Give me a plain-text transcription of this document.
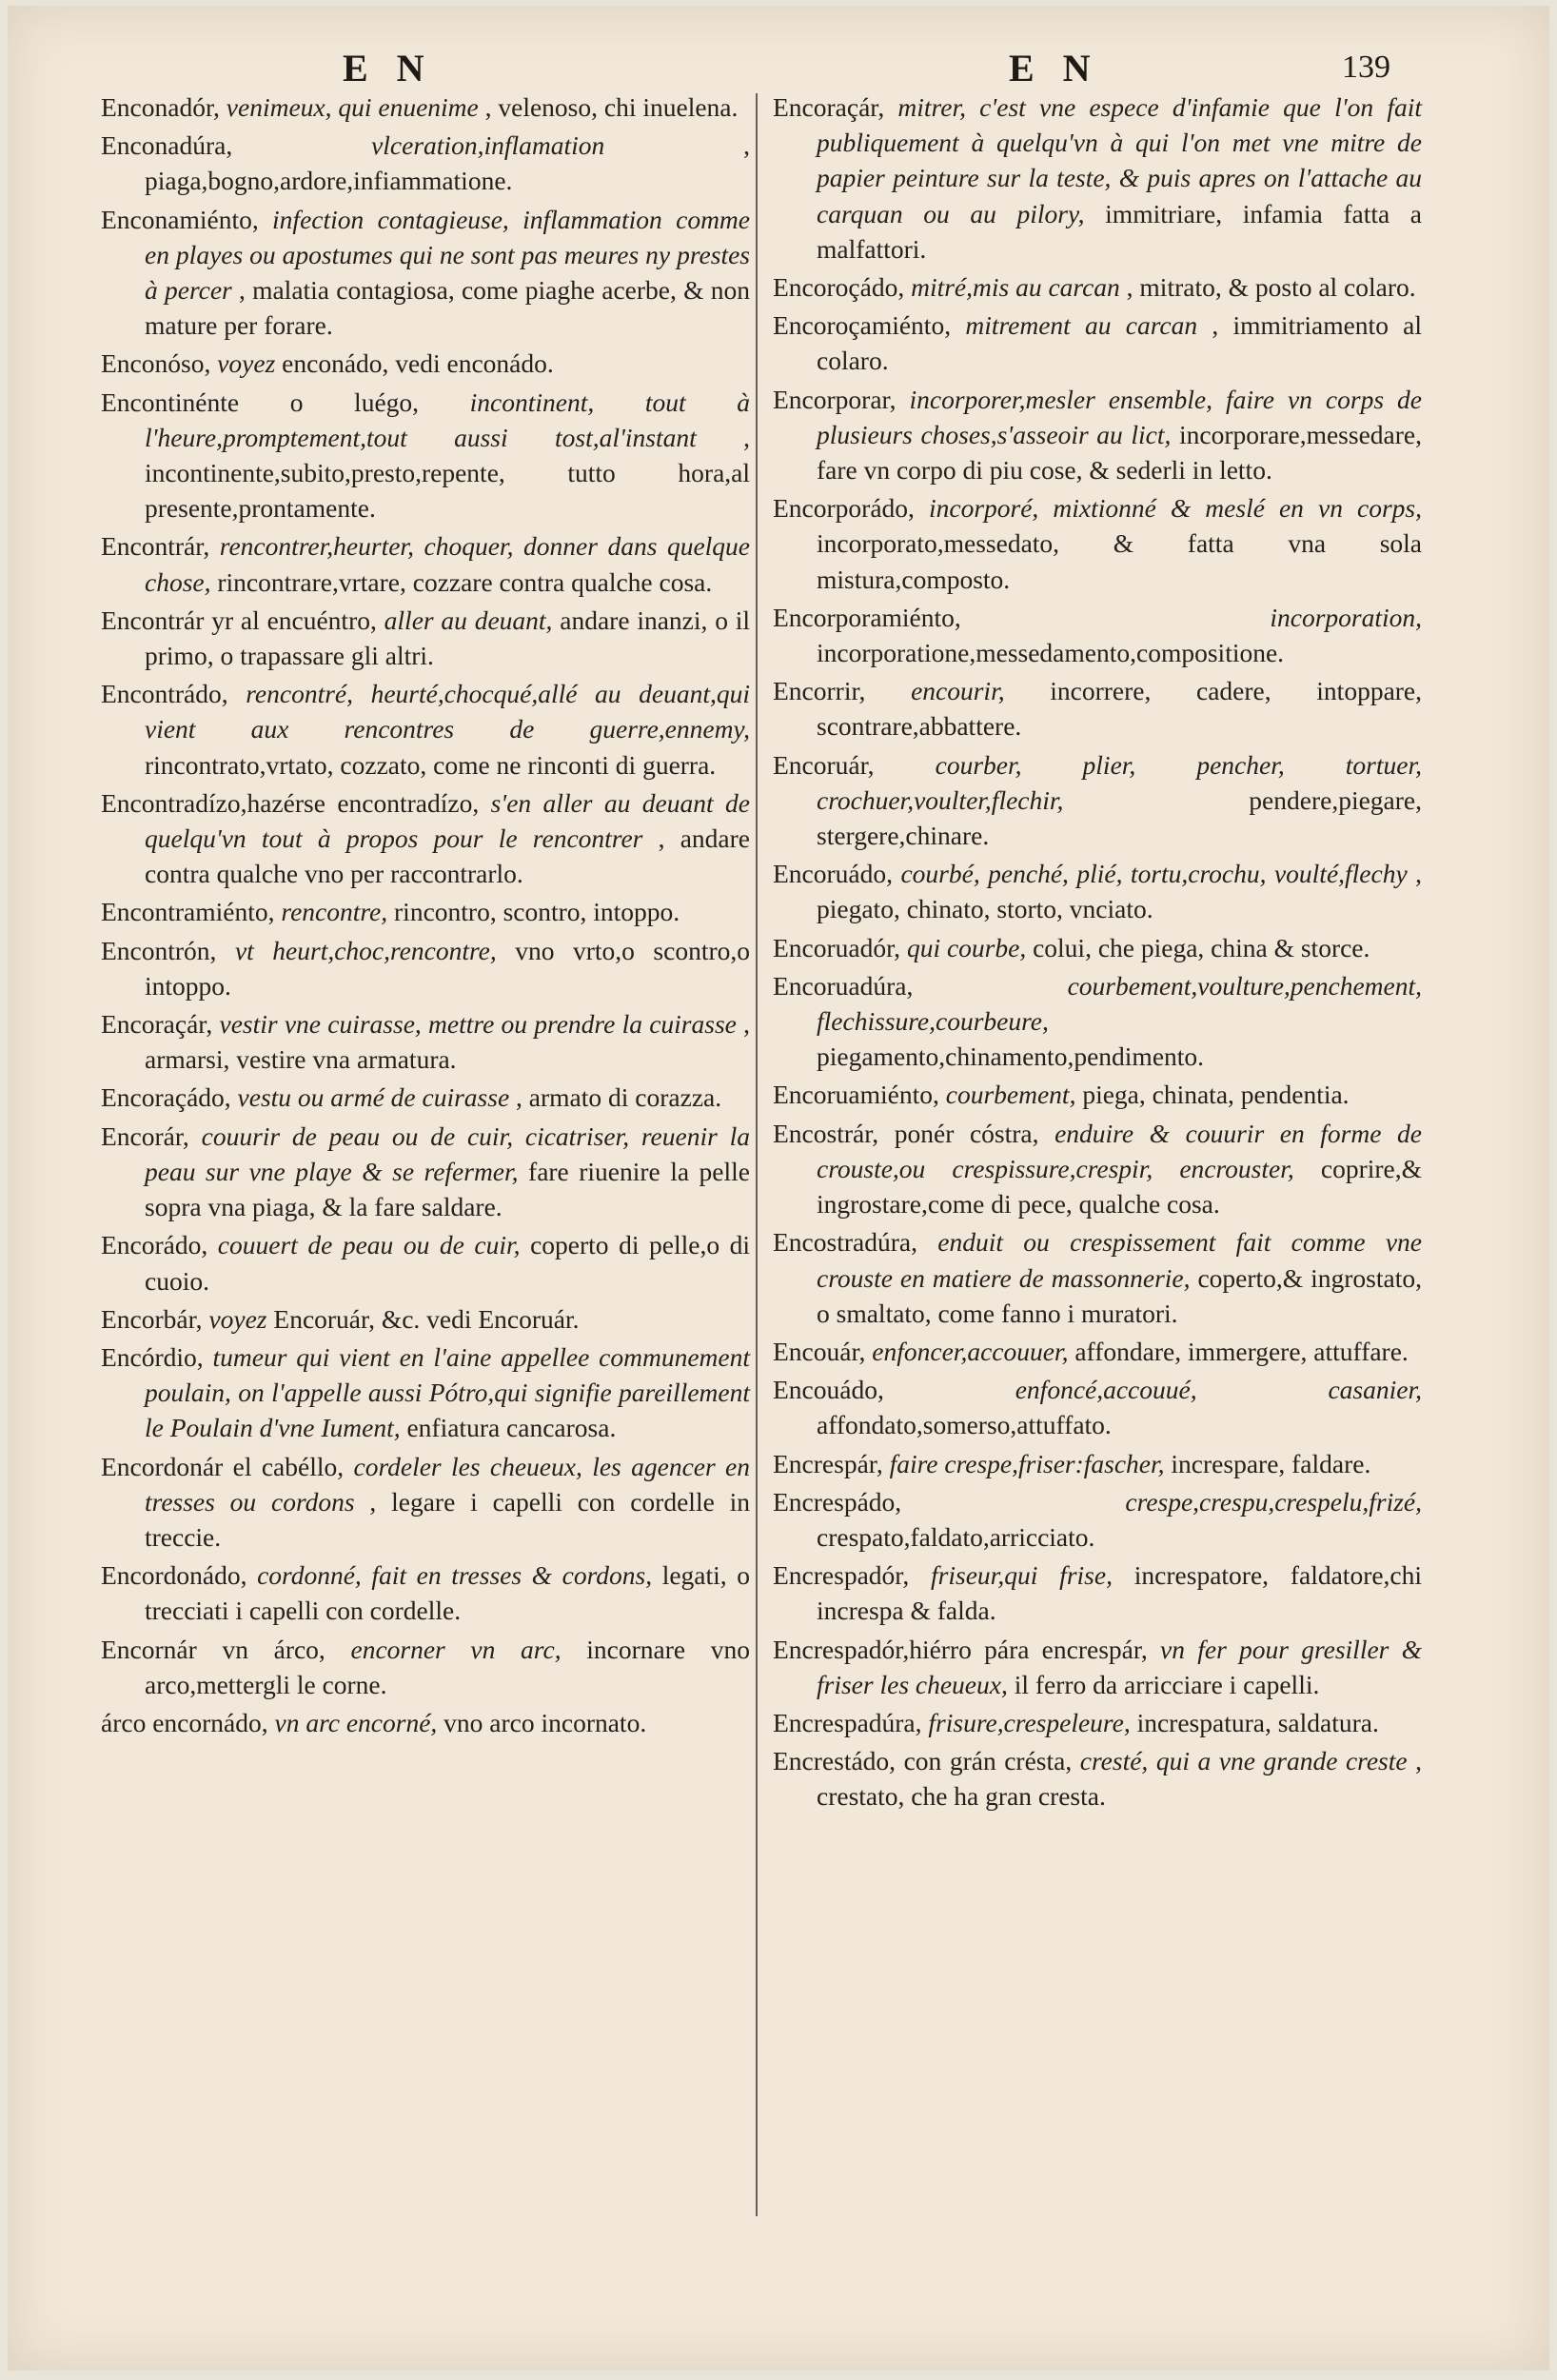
E N	E N	139

Enconadór, venimeux, qui enuenime , velenoso, chi inuelena.

Enconadúra,	vlceration,inflamation	, piaga,bogno,ardore,infiammatione.

Enconamiénto, infection contagieuse, inflammation comme en playes ou apostumes qui ne sont pas meures ny prestes à percer , malatia contagiosa, come piaghe acerbe, & non mature per forare.

Enconóso, voyez enconádo, vedi enconádo.

Encontinénte o luégo, incontinent, tout à l'heure,promptement,tout aussi tost,al'instant , incontinente,subito,presto,repente, tutto hora,al presente,prontamente.

Encontrár, rencontrer,heurter, choquer, donner dans quelque chose, rincontrare,vrtare, cozzare contra qualche cosa.

Encontrár yr al encuéntro, aller au deuant, andare inanzi, o il primo, o trapassare gli altri.

Encontrádo, rencontré, heurté,chocqué,allé au deuant,qui vient aux rencontres de guerre,ennemy, rincontrato,vrtato, cozzato, come ne rinconti di guerra.

Encontradízo,hazérse encontradízo, s'en aller au deuant de quelqu'vn tout à propos pour le rencontrer , andare contra qualche vno per raccontrarlo.

Encontramiénto, rencontre, rincontro, scontro, intoppo.

Encontrón, vt heurt,choc,rencontre, vno vrto,o scontro,o intoppo.

Encoraçár, vestir vne cuirasse, mettre ou prendre la cuirasse , armarsi, vestire vna armatura.

Encoraçádo, vestu ou armé de cuirasse , armato di corazza.

Encorár, couurir de peau ou de cuir, cicatriser, reuenir la peau sur vne playe & se refermer, fare riuenire la pelle sopra vna piaga, & la fare saldare.

Encorádo, couuert de peau ou de cuir, coperto di pelle,o di cuoio.

Encorbár, voyez Encoruár, &c. vedi Encoruár.

Encórdio, tumeur qui vient en l'aine appellee communement poulain, on l'appelle aussi Pótro,qui signifie pareillement le Poulain d'vne Iument, enfiatura cancarosa.

Encordonár el cabéllo, cordeler les cheueux, les agencer en tresses ou cordons , legare i capelli con cordelle in treccie.

Encordonádo, cordonné, fait en tresses & cordons, legati, o trecciati i capelli con cordelle.

Encornár vn árco, encorner vn arc, incornare vno arco,mettergli le corne.

árco encornádo, vn arc encorné, vno arco incornato.

Encoraçár, mitrer, c'est vne espece d'infamie que l'on fait publiquement à quelqu'vn à qui l'on met vne mitre de papier peinture sur la teste, & puis apres on l'attache au carquan ou au pilory, immitriare, infamia fatta a malfattori.

Encoroçádo, mitré,mis au carcan , mitrato, & posto al colaro.

Encoroçamiénto, mitrement au carcan , immitriamento al colaro.

Encorporar, incorporer,mesler ensemble, faire vn corps de plusieurs choses,s'asseoir au lict, incorporare,messedare, fare vn corpo di piu cose, & sederli in letto.

Encorporádo, incorporé, mixtionné & meslé en vn corps, incorporato,messedato, & fatta vna sola mistura,composto.

Encorporamiénto,	incorporation, incorporatione,messedamento,compositione.

Encorrir, encourir, incorrere, cadere, intoppare, scontrare,abbattere.

Encoruár, courber, plier, pencher, tortuer, crochuer,voulter,flechir,	pendere,piegare, stergere,chinare.

Encoruádo, courbé, penché, plié, tortu,crochu, voulté,flechy , piegato, chinato, storto, vnciato.

Encoruadór, qui courbe, colui, che piega, china & storce.

Encoruadúra,	courbement,voulture,penchement, flechissure,courbeure, piegamento,chinamento,pendimento.

Encoruamiénto, courbement, piega, chinata, pendentia.

Encostrár, ponér cóstra, enduire & couurir en forme de crouste,ou crespissure,crespir, encrouster, coprire,& ingrostare,come di pece, qualche cosa.

Encostradúra, enduit ou crespissement fait comme vne crouste en matiere de massonnerie, coperto,& ingrostato, o smaltato, come fanno i muratori.

Encouár, enfoncer,accouuer, affondare, immergere, attuffare.

Encouádo,	enfoncé,accouué, casanier, affondato,somerso,attuffato.

Encrespár, faire crespe,friser:fascher, increspare, faldare.

Encrespádo,	crespe,crespu,crespelu,frizé, crespato,faldato,arricciato.

Encrespadór, friseur,qui frise, increspatore, faldatore,chi increspa & falda.

Encrespadór,hiérro pára encrespár, vn fer pour gresiller & friser les cheueux, il ferro da arricciare i capelli.

Encrespadúra, frisure,crespeleure, increspatura, saldatura.

Encrestádo, con grán crésta, cresté, qui a vne grande creste , crestato, che ha gran cresta.
